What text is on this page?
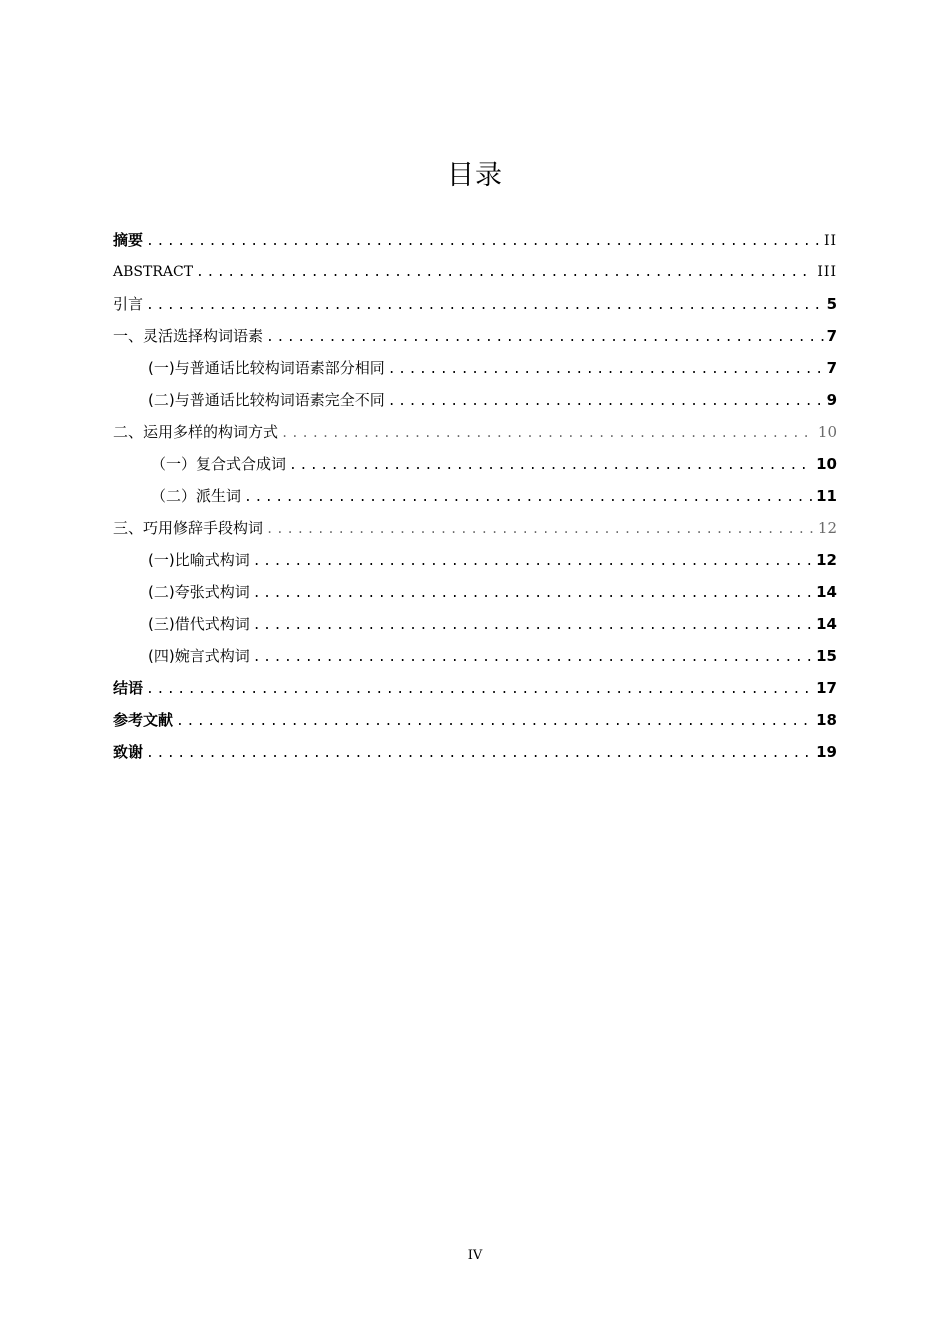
目录
摘要 .....	II
ABSTRACT .....	III
引言 .....	5
一、灵活选择构词语素 .....	7
(一)与普通话比较构词语素部分相同 .....	7
(二)与普通话比较构词语素完全不同 .....	9
二、运用多样的构词方式 .....	10
（一）复合式合成词 .....	10
（二）派生词 .....	11
三、巧用修辞手段构词 .....	12
(一)比喻式构词 .....	12
(二)夸张式构词 .....	14
(三)借代式构词 .....	14
(四)婉言式构词 .....	15
结语 .....	17
参考文献 .....	18
致谢 .....	19
IV
